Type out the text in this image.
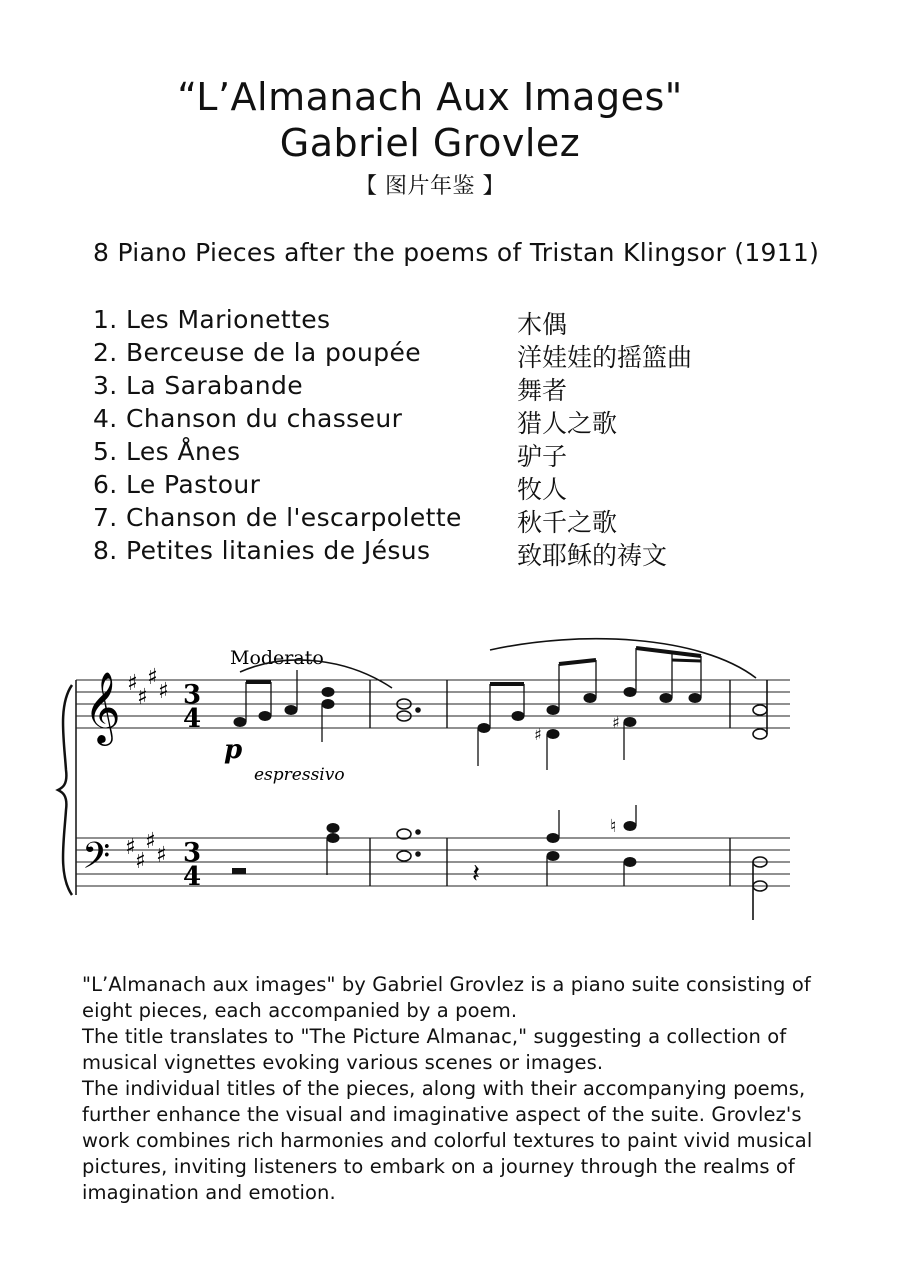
“L’Almanach Aux Images"
Gabriel Grovlez
【 图片年鉴 】
8 Piano Pieces after the poems of Tristan Klingsor (1911)
1. Les Marionettes	木偶
2. Berceuse de la poupée	洋娃娃的摇篮曲
3. La Sarabande	舞者
4. Chanson du chasseur	猎人之歌
5. Les Ånes	驴子
6. Le Pastour	牧人
7. Chanson de l'escarpolette 秋千之歌
8. Petites litanies de Jésus	致耶稣的祷文
𝄞
𝄢
♯
♯
♯
♯
♯
♯
♯
♯
3
4
3
4
Moderato
p
espressivo
♯
♯
𝄽
♮

"L’Almanach aux images" by Gabriel Grovlez is a piano suite consisting of eight pieces, each accompanied by a poem.

The title translates to "The Picture Almanac," suggesting a collection of musical vignettes evoking various scenes or images.

The individual titles of the pieces, along with their accompanying poems, further enhance the visual and imaginative aspect of the suite. Grovlez's work combines rich harmonies and colorful textures to paint vivid musical pictures, inviting listeners to embark on a journey through the realms of imagination and emotion.
